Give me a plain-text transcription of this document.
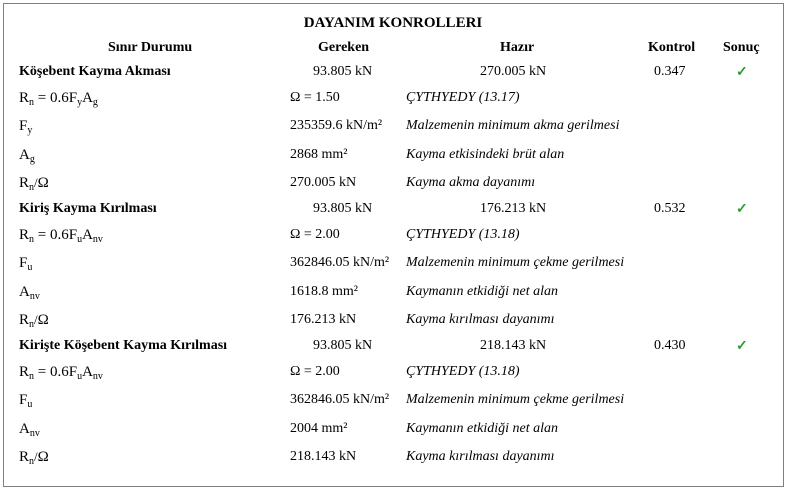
DAYANIM KONROLLERI
Sınır Durumu	Gereken	Hazır	Kontrol Sonuç
Köşebent Kayma Akması	93.805 kN	270.005 kN	0.347	✓
$R_n = 0.6F_yA_g$	Ω = 1.50	ÇYTHYEDY (13.17)
$F_y$	235359.6 kN/m² Malzemenin minimum akma gerilmesi
$A_g$	2868 mm²	Kayma etkisindeki brüt alan
$R_n/\Omega$	270.005 kN	Kayma akma dayanımı
Kiriş Kayma Kırılması	93.805 kN	176.213 kN	0.532	✓
$R_n = 0.6F_uA_{nv}$	Ω = 2.00	ÇYTHYEDY (13.18)
$F_u$	362846.05 kN/m² Malzemenin minimum çekme gerilmesi
$A_{nv}$	1618.8 mm²	Kaymanın etkidiği net alan
$R_n/\Omega$	176.213 kN	Kayma kırılması dayanımı
Kirişte Köşebent Kayma Kırılması	93.805 kN	218.143 kN	0.430	✓
$R_n = 0.6F_uA_{nv}$	Ω = 2.00	ÇYTHYEDY (13.18)
$F_u$	362846.05 kN/m² Malzemenin minimum çekme gerilmesi
$A_{nv}$	2004 mm²	Kaymanın etkidiği net alan
$R_n/\Omega$	218.143 kN	Kayma kırılması dayanımı
